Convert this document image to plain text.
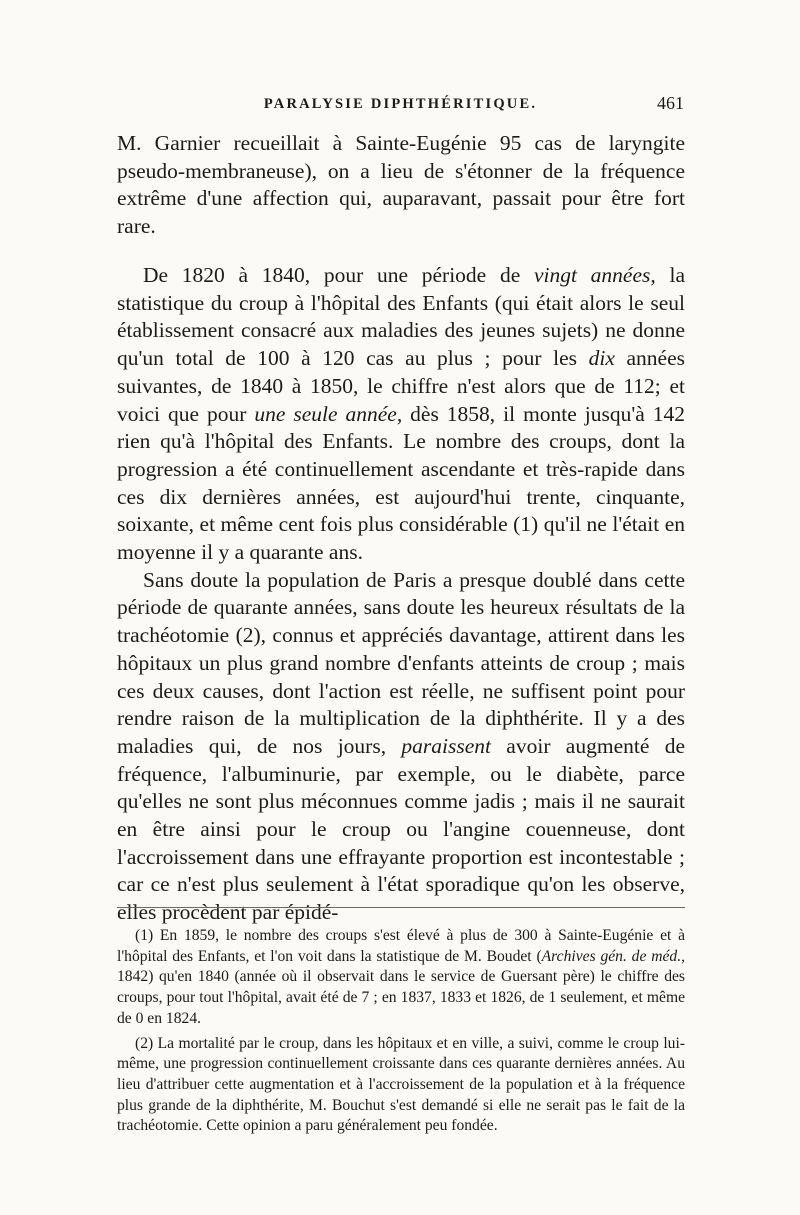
PARALYSIE DIPHTHÉRITIQUE.	461

M. Garnier recueillait à Sainte-Eugénie 95 cas de laryngite pseudo-membraneuse), on a lieu de s'étonner de la fréquence extrême d'une affection qui, auparavant, passait pour être fort rare.

De 1820 à 1840, pour une période de vingt années, la statistique du croup à l'hôpital des Enfants (qui était alors le seul établissement consacré aux maladies des jeunes sujets) ne donne qu'un total de 100 à 120 cas au plus ; pour les dix années suivantes, de 1840 à 1850, le chiffre n'est alors que de 112; et voici que pour une seule année, dès 1858, il monte jusqu'à 142 rien qu'à l'hôpital des Enfants. Le nombre des croups, dont la progression a été continuellement ascendante et très-rapide dans ces dix dernières années, est aujourd'hui trente, cinquante, soixante, et même cent fois plus considérable (1) qu'il ne l'était en moyenne il y a quarante ans.

Sans doute la population de Paris a presque doublé dans cette période de quarante années, sans doute les heureux résultats de la trachéotomie (2), connus et appréciés davantage, attirent dans les hôpitaux un plus grand nombre d'enfants atteints de croup ; mais ces deux causes, dont l'action est réelle, ne suffisent point pour rendre raison de la multiplication de la diphthérite. Il y a des maladies qui, de nos jours, paraissent avoir augmenté de fréquence, l'albuminurie, par exemple, ou le diabète, parce qu'elles ne sont plus méconnues comme jadis ; mais il ne saurait en être ainsi pour le croup ou l'angine couenneuse, dont l'accroissement dans une effrayante proportion est incontestable ; car ce n'est plus seulement à l'état sporadique qu'on les observe, elles procèdent par épidé-

(1) En 1859, le nombre des croups s'est élevé à plus de 300 à Sainte-Eugénie et à l'hôpital des Enfants, et l'on voit dans la statistique de M. Boudet (Archives gén. de méd., 1842) qu'en 1840 (année où il observait dans le service de Guersant père) le chiffre des croups, pour tout l'hôpital, avait été de 7 ; en 1837, 1833 et 1826, de 1 seulement, et même de 0 en 1824.

(2) La mortalité par le croup, dans les hôpitaux et en ville, a suivi, comme le croup lui-même, une progression continuellement croissante dans ces quarante dernières années. Au lieu d'attribuer cette augmentation et à l'accroissement de la population et à la fréquence plus grande de la diphthérite, M. Bouchut s'est demandé si elle ne serait pas le fait de la trachéotomie. Cette opinion a paru généralement peu fondée.
